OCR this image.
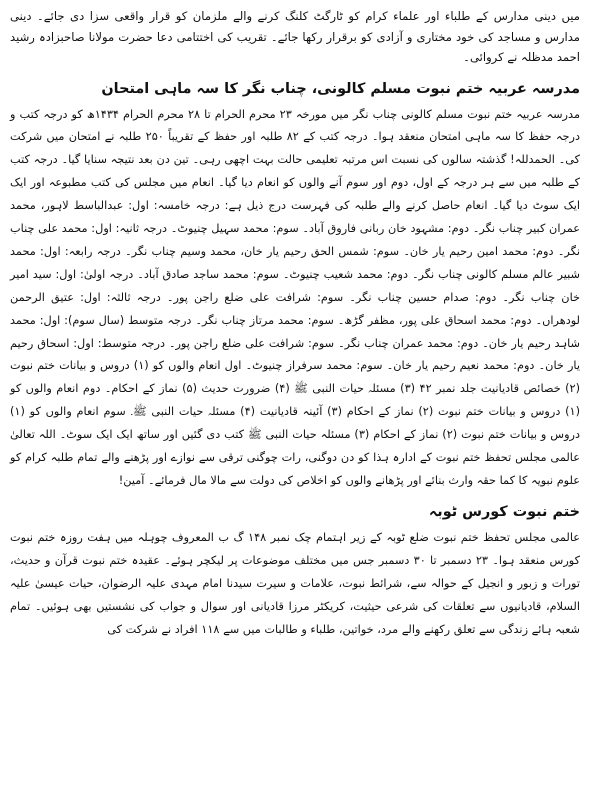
میں دینی مدارس کے طلباء اور علماء کرام کو ٹارگٹ کلنگ کرنے والے ملزمان کو قرار واقعی سزا دی جائے۔ دینی مدارس و مساجد کی خود مختاری و آزادی کو برقرار رکھا جائے۔ تقریب کی اختتامی دعا حضرت مولانا صاحبزادہ رشید احمد مدظلہ نے کروائی۔

مدرسہ عربیہ ختم نبوت مسلم کالونی، چناب نگر کا سہ ماہی امتحان

مدرسہ عربیہ ختم نبوت مسلم کالونی چناب نگر میں مورخہ ۲۳ محرم الحرام تا ۲۸ محرم الحرام ۱۴۳۴ھ کو درجہ کتب و درجہ حفظ کا سہ ماہی امتحان منعقد ہوا۔ درجہ کتب کے ۸۲ طلبہ اور حفظ کے تقریباً ۲۵۰ طلبہ نے امتحان میں شرکت کی۔ الحمدللہ! گذشتہ سالوں کی نسبت اس مرتبہ تعلیمی حالت بہت اچھی رہی۔ تین دن بعد نتیجہ سنایا گیا۔ درجہ کتب کے طلبہ میں سے ہر درجہ کے اول، دوم اور سوم آنے والوں کو انعام دیا گیا۔ انعام میں مجلس کی کتب مطبوعہ اور ایک ایک سوٹ دیا گیا۔ انعام حاصل کرنے والے طلبہ کی فہرست درج ذیل ہے: درجہ خامسہ: اول: عبدالباسط لاہور، محمد عمران کبیر چناب نگر۔ دوم: مشہود خان ربانی فاروق آباد۔ سوم: محمد سہیل چنیوٹ۔ درجہ ثانیہ: اول: محمد علی چناب نگر۔ دوم: محمد امین رحیم یار خان۔ سوم: شمس الحق رحیم یار خان، محمد وسیم چناب نگر۔ درجہ رابعہ: اول: محمد شبیر عالم مسلم کالونی چناب نگر۔ دوم: محمد شعیب چنیوٹ۔ سوم: محمد ساجد صادق آباد۔ درجہ اولیٰ: اول: سید امیر خان چناب نگر۔ دوم: صدام حسین چناب نگر۔ سوم: شرافت علی ضلع راجن پور۔ درجہ ثالثہ: اول: عتیق الرحمن لودھراں۔ دوم: محمد اسحاق علی پور، مظفر گڑھ۔ سوم: محمد مرتاز چناب نگر۔ درجہ متوسط (سال سوم): اول: محمد شاہد رحیم یار خان۔ دوم: محمد عمران چناب نگر۔ سوم: شرافت علی ضلع راجن پور۔ درجہ متوسط: اول: اسحاق رحیم یار خان۔ دوم: محمد نعیم رحیم یار خان۔ سوم: محمد سرفراز چنیوٹ۔ اول انعام والوں کو (۱) دروس و بیانات ختم نبوت (۲) خصائص قادیانیت جلد نمبر ۴۲ (۳) مسئلہ حیات النبی ﷺ (۴) ضرورت حدیث (۵) نماز کے احکام۔ دوم انعام والوں کو (۱) دروس و بیانات ختم نبوت (۲) نماز کے احکام (۳) آئینہ قادیانیت (۴) مسئلہ حیات النبی ﷺ۔ سوم انعام والوں کو (۱) دروس و بیانات ختم نبوت (۲) نماز کے احکام (۳) مسئلہ حیات النبی ﷺ کتب دی گئیں اور ساتھ ایک ایک سوٹ۔ اللہ تعالیٰ عالمی مجلس تحفظ ختم نبوت کے ادارہ ہذا کو دن دوگنی، رات چوگنی ترقی سے نوازے اور پڑھنے والے تمام طلبہ کرام کو علوم نبویہ کا کما حقہ وارث بنائے اور پڑھانے والوں کو اخلاص کی دولت سے مالا مال فرمائے۔ آمین!

ختم نبوت کورس ٹوبہ

عالمی مجلس تحفظ ختم نبوت ضلع ٹوبہ کے زیر اہتمام چک نمبر ۱۴۸ گ ب المعروف چوہلہ میں ہفت روزہ ختم نبوت کورس منعقد ہوا۔ ۲۳ دسمبر تا ۳۰ دسمبر جس میں مختلف موضوعات پر لیکچر ہوئے۔ عقیدہ ختم نبوت قرآن و حدیث، تورات و زبور و انجیل کے حوالہ سے، شرائط نبوت، علامات و سیرت سیدنا امام مہدی علیہ الرضوان، حیات عیسیٰ علیہ السلام، قادیانیوں سے تعلقات کی شرعی حیثیت، کریکٹر مرزا قادیانی اور سوال و جواب کی نشستیں بھی ہوئیں۔ تمام شعبہ ہائے زندگی سے تعلق رکھنے والے مرد، خواتین، طلباء و طالبات میں سے ۱۱۸ افراد نے شرکت کی
